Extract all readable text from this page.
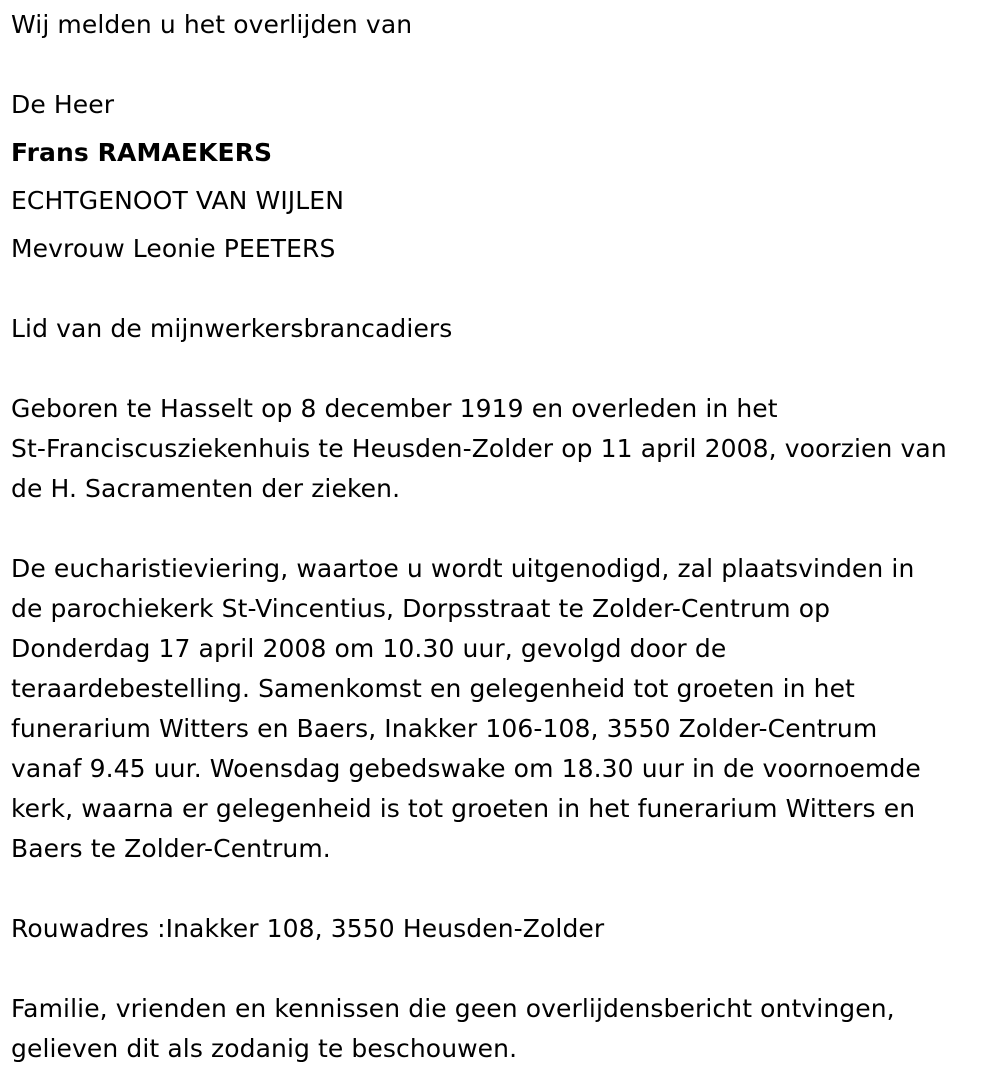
Wij melden u het overlijden van
De Heer
Frans RAMAEKERS
ECHTGENOOT VAN WIJLEN
Mevrouw Leonie PEETERS
Lid van de mijnwerkersbrancadiers
Geboren te Hasselt op 8 december 1919 en overleden in het
St-Franciscusziekenhuis te Heusden-Zolder op 11 april 2008, voorzien van
de H. Sacramenten der zieken.
De eucharistieviering, waartoe u wordt uitgenodigd, zal plaatsvinden in
de parochiekerk St-Vincentius, Dorpsstraat te Zolder-Centrum op
Donderdag 17 april 2008 om 10.30 uur, gevolgd door de
teraardebestelling. Samenkomst en gelegenheid tot groeten in het
funerarium Witters en Baers, Inakker 106-108, 3550 Zolder-Centrum
vanaf 9.45 uur. Woensdag gebedswake om 18.30 uur in de voornoemde
kerk, waarna er gelegenheid is tot groeten in het funerarium Witters en
Baers te Zolder-Centrum.
Rouwadres :Inakker 108, 3550 Heusden-Zolder
Familie, vrienden en kennissen die geen overlijdensbericht ontvingen,
gelieven dit als zodanig te beschouwen.
